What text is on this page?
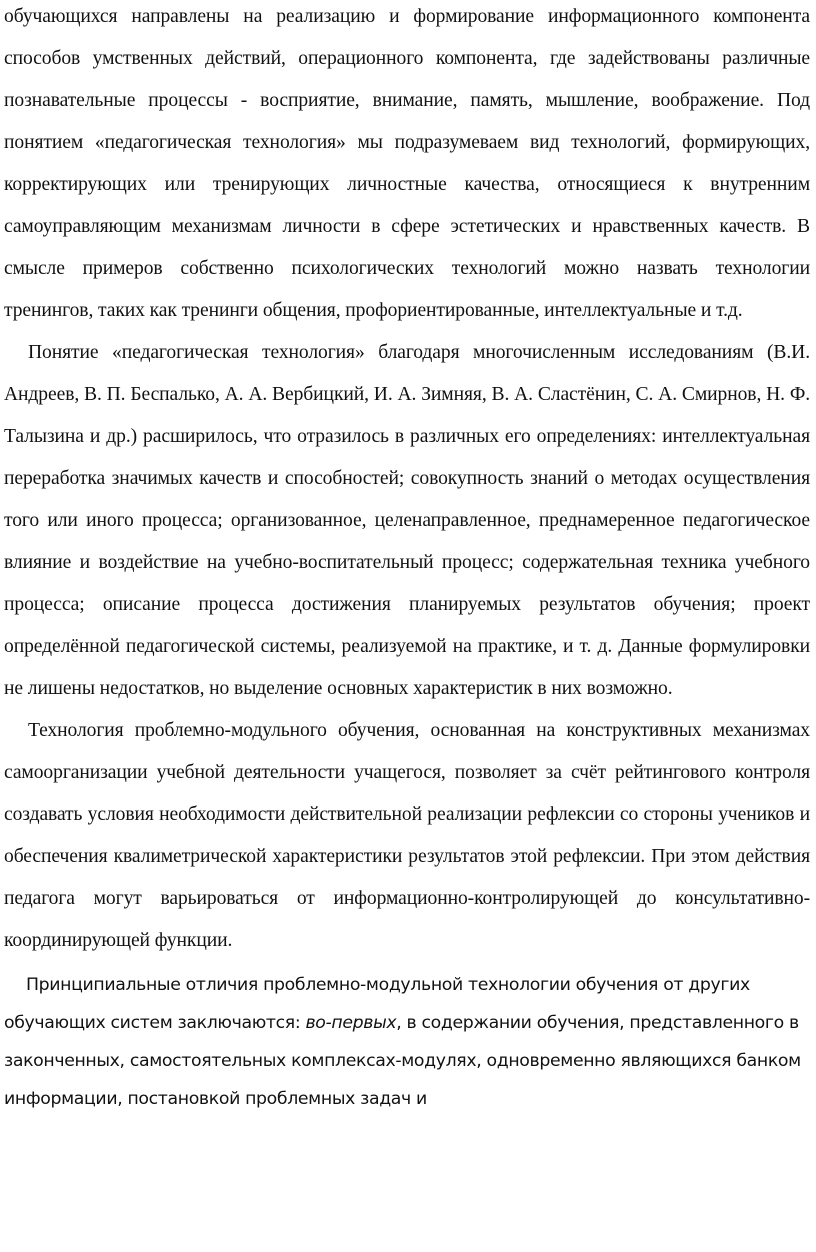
обучающихся направлены на реализацию и формирование информационного компонента способов умственных действий, операционного компонента, где задействованы различные познавательные процессы - восприятие, внимание, память, мышление, воображение. Под понятием «педагогическая технология» мы подразумеваем вид технологий, формирующих, корректирующих или тренирующих личностные качества, относящиеся к внутренним самоуправляющим механизмам личности в сфере эстетических и нравственных качеств. В смысле примеров собственно психологических технологий можно назвать технологии тренингов, таких как тренинги общения, профориентированные, интеллектуальные и т.д.

Понятие «педагогическая технология» благодаря многочисленным исследованиям (В.И. Андреев, В. П. Беспалько, А. А. Вербицкий, И. А. Зимняя, В. А. Сластёнин, С. А. Смирнов, Н. Ф. Талызина и др.) расширилось, что отразилось в различных его определениях: интеллектуальная переработка значимых качеств и способностей; совокупность знаний о методах осуществления того или иного процесса; организованное, целенаправленное, преднамеренное педагогическое влияние и воздействие на учебно-воспитательный процесс; содержательная техника учебного процесса; описание процесса достижения планируемых результатов обучения; проект определённой педагогической системы, реализуемой на практике, и т. д. Данные формулировки не лишены недостатков, но выделение основных характеристик в них возможно.

Технология проблемно-модульного обучения, основанная на конструктивных механизмах самоорганизации учебной деятельности учащегося, позволяет за счёт рейтингового контроля создавать условия необходимости действительной реализации рефлексии со стороны учеников и обеспечения квалиметрической характеристики результатов этой рефлексии. При этом действия педагога могут варьироваться от информационно-контролирующей до консультативно-координирующей функции.

Принципиальные отличия проблемно-модульной технологии обучения от других обучающих систем заключаются: во-первых, в содержании обучения, представленного в законченных, самостоятельных комплексах-модулях, одновременно являющихся банком информации, постановкой проблемных задач и
